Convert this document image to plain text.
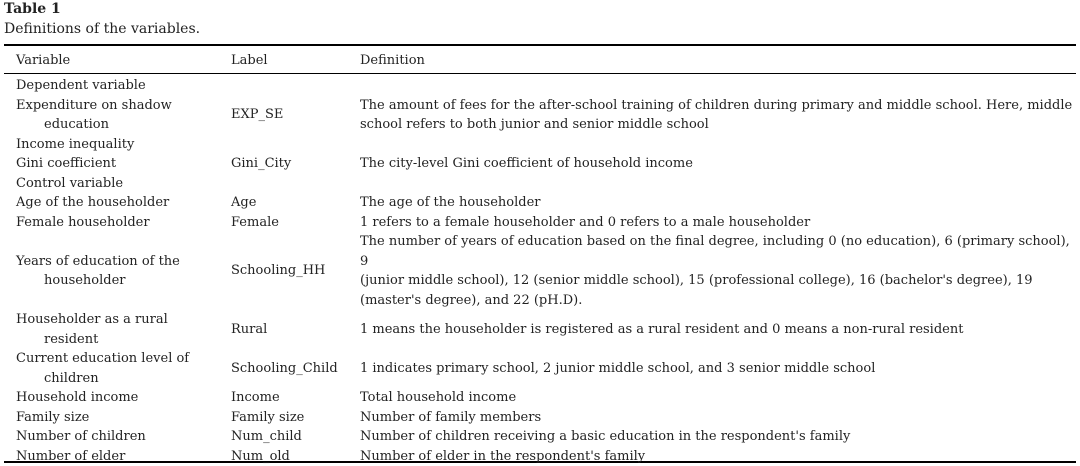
Table 1
Definitions of the variables.
Variable	Label	Definition

Dependent variable		

Expenditure on shadow
education	EXP_SE	The amount of fees for the after-school training of children during primary and middle school. Here, middle
school refers to both junior and senior middle school

Income inequality		
Gini coefficient	Gini_City	The city-level Gini coefficient of household income
Control variable		
Age of the householder	Age	The age of the householder
Female householder	Female	1 refers to a female householder and 0 refers to a male householder

Years of education of the
householder	Schooling_HH	The number of years of education based on the final degree, including 0 (no education), 6 (primary school), 9
(junior middle school), 12 (senior middle school), 15 (professional college), 16 (bachelor's degree), 19
(master's degree), and 22 (pH.D).

Householder as a rural
resident	Rural	1 means the householder is registered as a rural resident and 0 means a non-rural resident

Current education level of
children	Schooling_Child	1 indicates primary school, 2 junior middle school, and 3 senior middle school
Household income	Income	Total household income
Family size	Family size	Number of family members
Number of children	Num_child	Number of children receiving a basic education in the respondent's family
Number of elder	Num_old	Number of elder in the respondent's family
